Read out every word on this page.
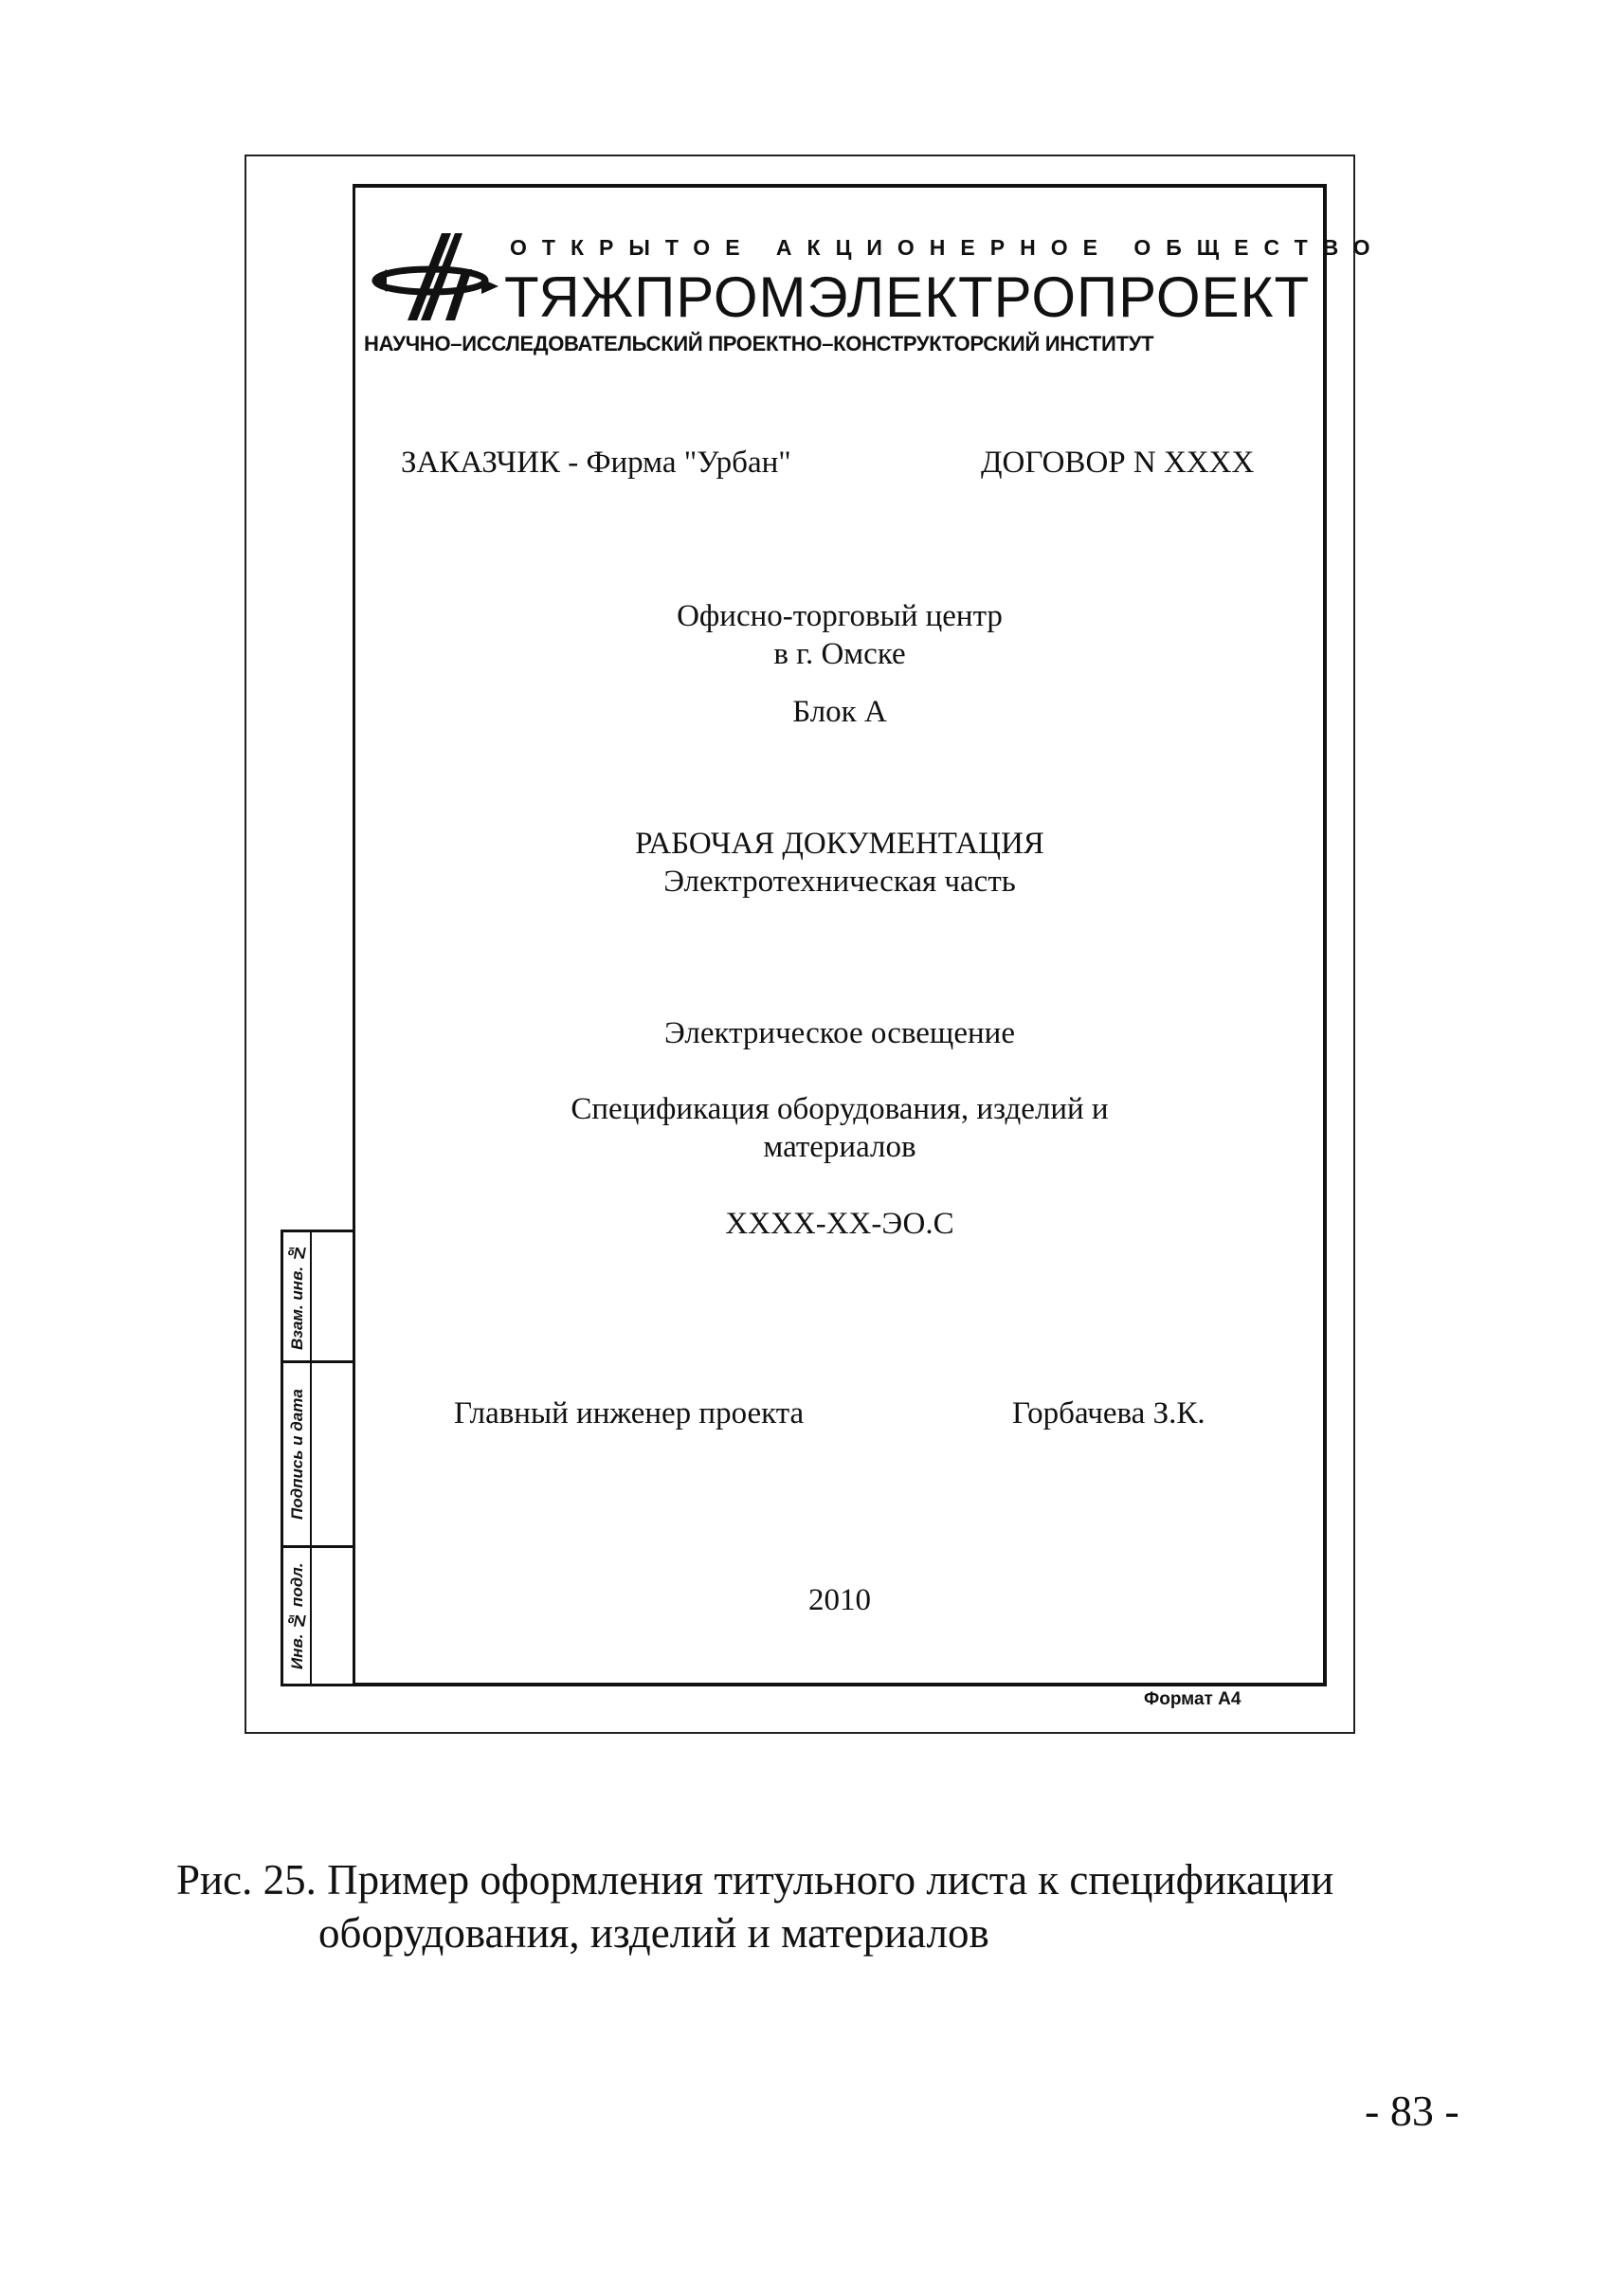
Взам. инв. №
Подпись и дата
Инв. № подл.
Формат А4
ОТКРЫТОЕ АКЦИОНЕРНОЕ ОБЩЕСТВО
ТЯЖПРОМЭЛЕКТРОПРОЕКТ
НАУЧНО–ИССЛЕДОВАТЕЛЬСКИЙ ПРОЕКТНО–КОНСТРУКТОРСКИЙ ИНСТИТУТ
ЗАКАЗЧИК - Фирма "Урбан"	ДОГОВОР N XXXX
Офисно-торговый центр
в г. Омске
Блок А
РАБОЧАЯ ДОКУМЕНТАЦИЯ
Электротехническая часть
Электрическое освещение
Спецификация оборудования, изделий и
материалов
XXXX-XX-ЭО.С
Главный инженер проекта	Горбачева З.К.
2010
Рис. 25. Пример оформления титульного листа к спецификации
оборудования, изделий и материалов
- 83 -
